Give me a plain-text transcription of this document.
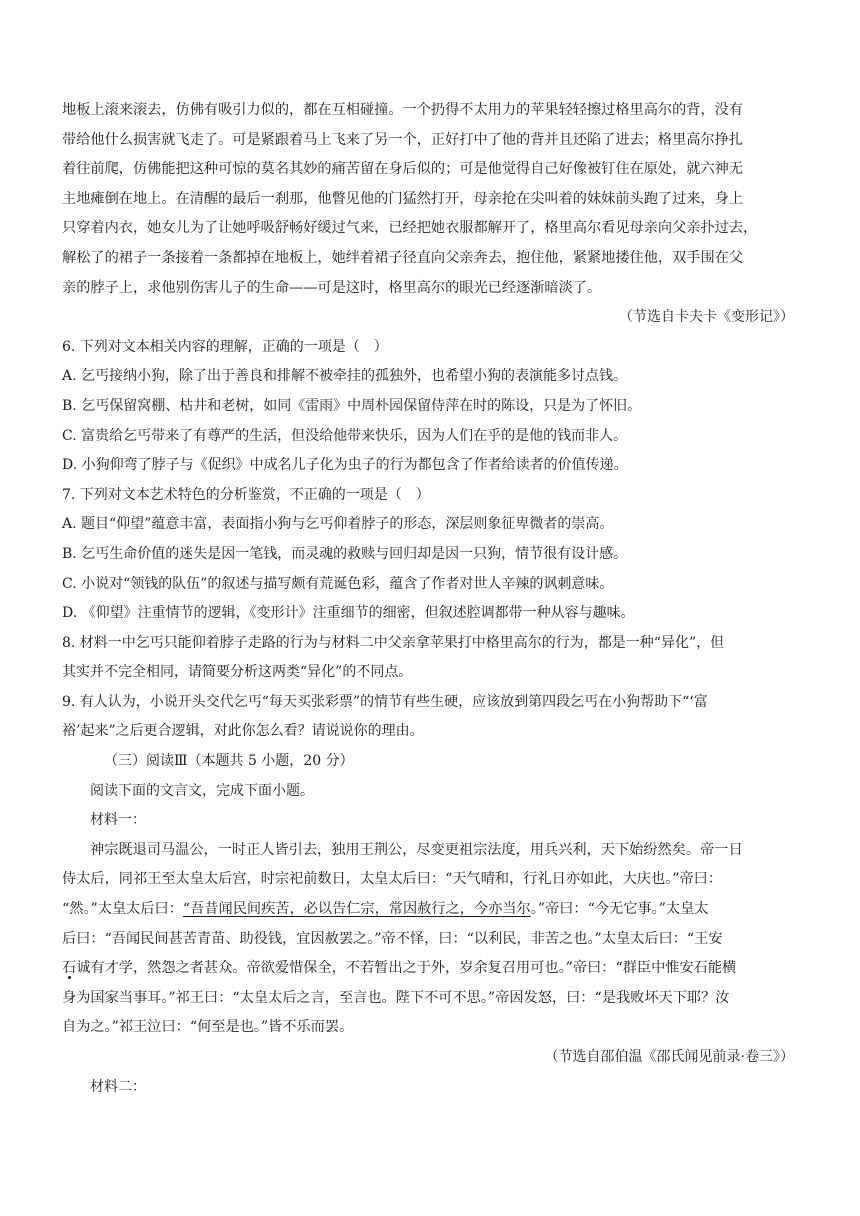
地板上滚来滚去，仿佛有吸引力似的，都在互相碰撞。一个扔得不太用力的苹果轻轻擦过格里高尔的背，没有

带给他什么损害就飞走了。可是紧跟着马上飞来了另一个，正好打中了他的背并且还陷了进去；格里高尔挣扎

着往前爬，仿佛能把这种可惊的莫名其妙的痛苦留在身后似的；可是他觉得自己好像被钉住在原处，就六神无

主地瘫倒在地上。在清醒的最后一刹那，他瞥见他的门猛然打开，母亲抢在尖叫着的妹妹前头跑了过来，身上

只穿着内衣，她女儿为了让她呼吸舒畅好缓过气来，已经把她衣服都解开了，格里高尔看见母亲向父亲扑过去，

解松了的裙子一条接着一条都掉在地板上，她绊着裙子径直向父亲奔去，抱住他，紧紧地搂住他，双手围在父

亲的脖子上，求他别伤害儿子的生命——可是这时，格里高尔的眼光已经逐渐暗淡了。

（节选自卡夫卡《变形记》）

6. 下列对文本相关内容的理解，正确的一项是（　）

A. 乞丐接纳小狗，除了出于善良和排解不被牵挂的孤独外，也希望小狗的表演能多讨点钱。

B. 乞丐保留窝棚、枯井和老树，如同《雷雨》中周朴园保留侍萍在时的陈设，只是为了怀旧。

C. 富贵给乞丐带来了有尊严的生活，但没给他带来快乐，因为人们在乎的是他的钱而非人。

D. 小狗仰弯了脖子与《促织》中成名儿子化为虫子的行为都包含了作者给读者的价值传递。

7. 下列对文本艺术特色的分析鉴赏，不正确的一项是（　）

A. 题目“仰望”蕴意丰富，表面指小狗与乞丐仰着脖子的形态，深层则象征卑微者的崇高。

B. 乞丐生命价值的迷失是因一笔钱，而灵魂的救赎与回归却是因一只狗，情节很有设计感。

C. 小说对“领钱的队伍”的叙述与描写颇有荒诞色彩，蕴含了作者对世人辛辣的讽刺意味。

D. 《仰望》注重情节的逻辑，《变形计》注重细节的细密，但叙述腔调都带一种从容与趣味。

8. 材料一中乞丐只能仰着脖子走路的行为与材料二中父亲拿苹果打中格里高尔的行为，都是一种“异化”，但

其实并不完全相同，请简要分析这两类“异化”的不同点。

9. 有人认为，小说开头交代乞丐“每天买张彩票”的情节有些生硬，应该放到第四段乞丐在小狗帮助下“‘富

裕’起来”之后更合逻辑，对此你怎么看？请说说你的理由。

（三）阅读Ⅲ（本题共 5 小题，20 分）

阅读下面的文言文，完成下面小题。

材料一：

神宗既退司马温公，一时正人皆引去，独用王荆公，尽变更祖宗法度，用兵兴利，天下始纷然矣。帝一日

侍太后，同祁王至太皇太后宫，时宗祀前数日，太皇太后曰：“天气晴和，行礼日亦如此，大庆也。”帝曰：

“然。”太皇太后曰：“吾昔闻民间疾苦，必以告仁宗，常因赦行之，今亦当尔。”帝曰：“今无它事。”太皇太

后曰：“吾闻民间甚苦青苗、助役钱，宜因赦罢之。”帝不怿，曰：“以利民，非苦之也。”太皇太后曰：“王安

石诚有才学，然怨之者甚众。帝欲爱惜保全，不若暂出之于外，岁余复召用可也。”帝曰：“群臣中惟安石能横

身为国家当事耳。”祁王曰：“太皇太后之言，至言也。陛下不可不思。”帝因发怒，曰：“是我败坏天下耶？汝

自为之。”祁王泣曰：“何至是也。”皆不乐而罢。

（节选自邵伯温《邵氏闻见前录·卷三》）

材料二：
